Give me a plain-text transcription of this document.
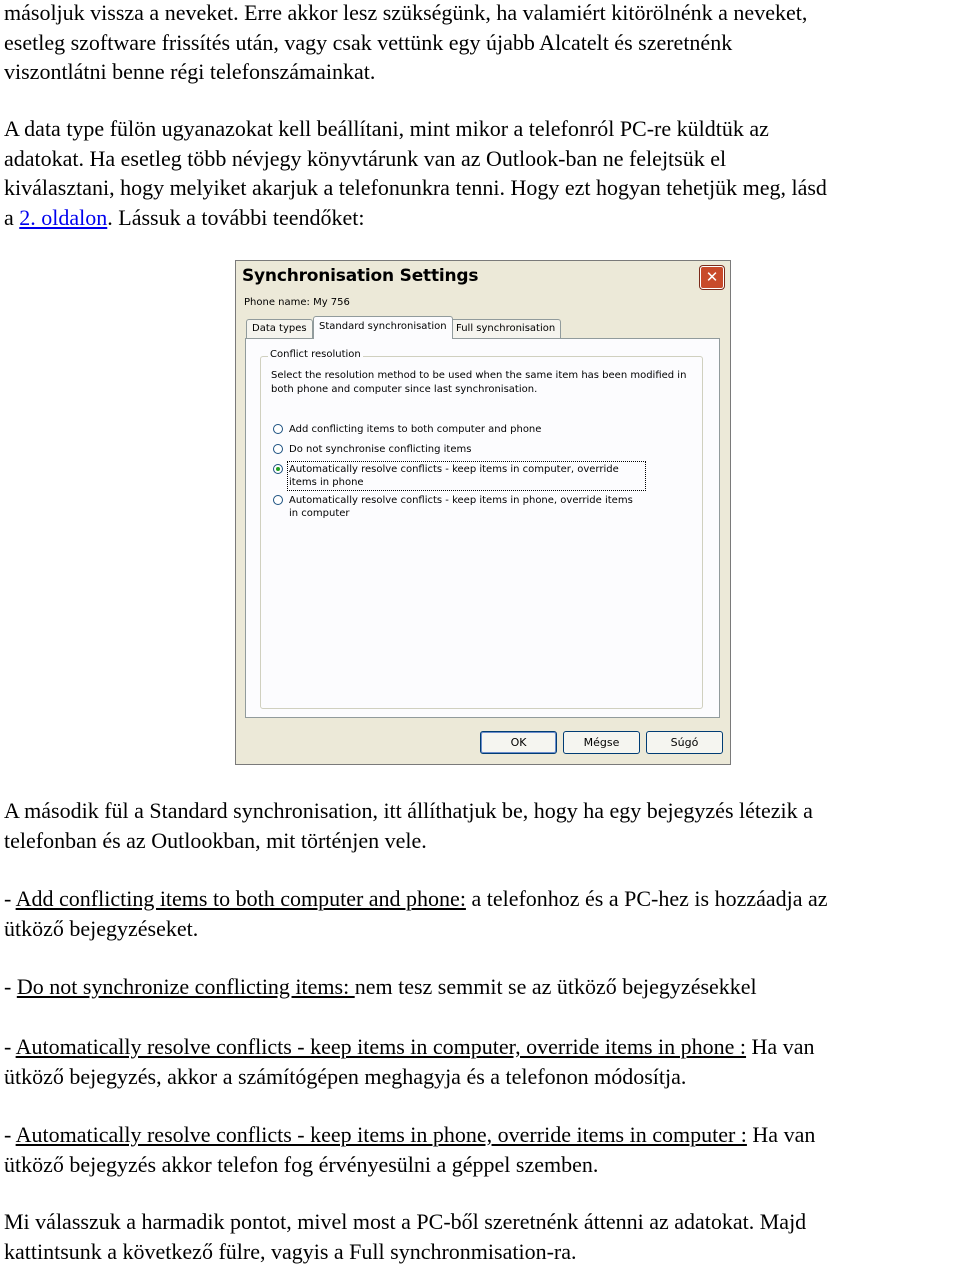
másoljuk vissza a neveket. Erre akkor lesz szükségünk, ha valamiért kitörölnénk a neveket,
esetleg szoftware frissítés után, vagy csak vettünk egy újabb Alcatelt és szeretnénk
viszontlátni benne régi telefonszámainkat.

A data type fülön ugyanazokat kell beállítani, mint mikor a telefonról PC-re küldtük az
adatokat. Ha esetleg több névjegy könyvtárunk van az Outlook-ban ne felejtsük el
kiválasztani, hogy melyiket akarjuk a telefonunkra tenni. Hogy ezt hogyan tehetjük meg, lásd
a 2. oldalon. Lássuk a további teendőket:

A második fül a Standard synchronisation, itt állíthatjuk be, hogy ha egy bejegyzés létezik a
telefonban és az Outlookban, mit történjen vele.

- Add conflicting items to both computer and phone: a telefonhoz és a PC-hez is hozzáadja az
ütköző bejegyzéseket.

- Do not synchronize conflicting items: nem tesz semmit se az ütköző bejegyzésekkel

- Automatically resolve conflicts - keep items in computer, override items in phone : Ha van
ütköző bejegyzés, akkor a számítógépen meghagyja és a telefonon módosítja.

- Automatically resolve conflicts - keep items in phone, override items in computer : Ha van
ütköző bejegyzés akkor telefon fog érvényesülni a géppel szemben.

Mi válasszuk a harmadik pontot, mivel most a PC-ből szeretnénk áttenni az adatokat. Majd
kattintsunk a következő fülre, vagyis a Full synchronmisation-ra.

Synchronisation Settings	✕
Phone name: My 756
Data types	Standard synchronisation Full synchronisation
Conflict resolution
Select the resolution method to be used when the same item has been modified in both phone and computer since last synchronisation.
Add conflicting items to both computer and phone
Do not synchronise conflicting items
Automatically resolve conflicts - keep items in computer, override items in phone
Automatically resolve conflicts - keep items in phone, override items in computer
OK	Mégse	Súgó
